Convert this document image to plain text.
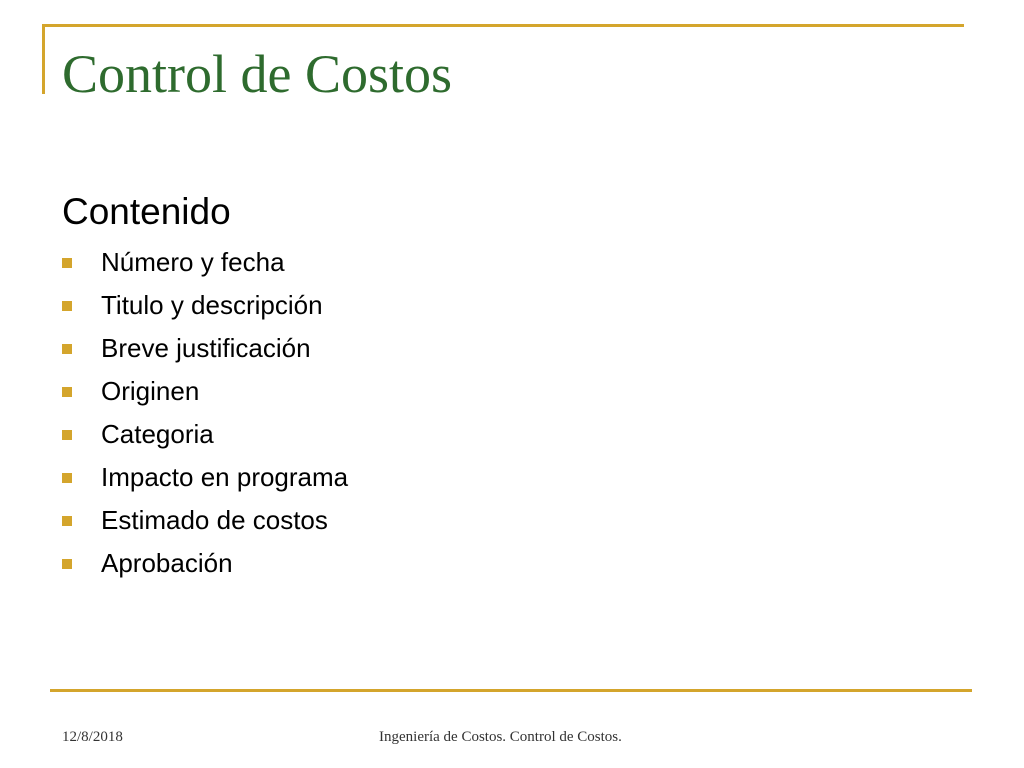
Control de Costos
Contenido
Número y fecha
Titulo y descripción
Breve justificación
Originen
Categoria
Impacto en programa
Estimado de costos
Aprobación
12/8/2018	Ingeniería de Costos. Control de Costos.
